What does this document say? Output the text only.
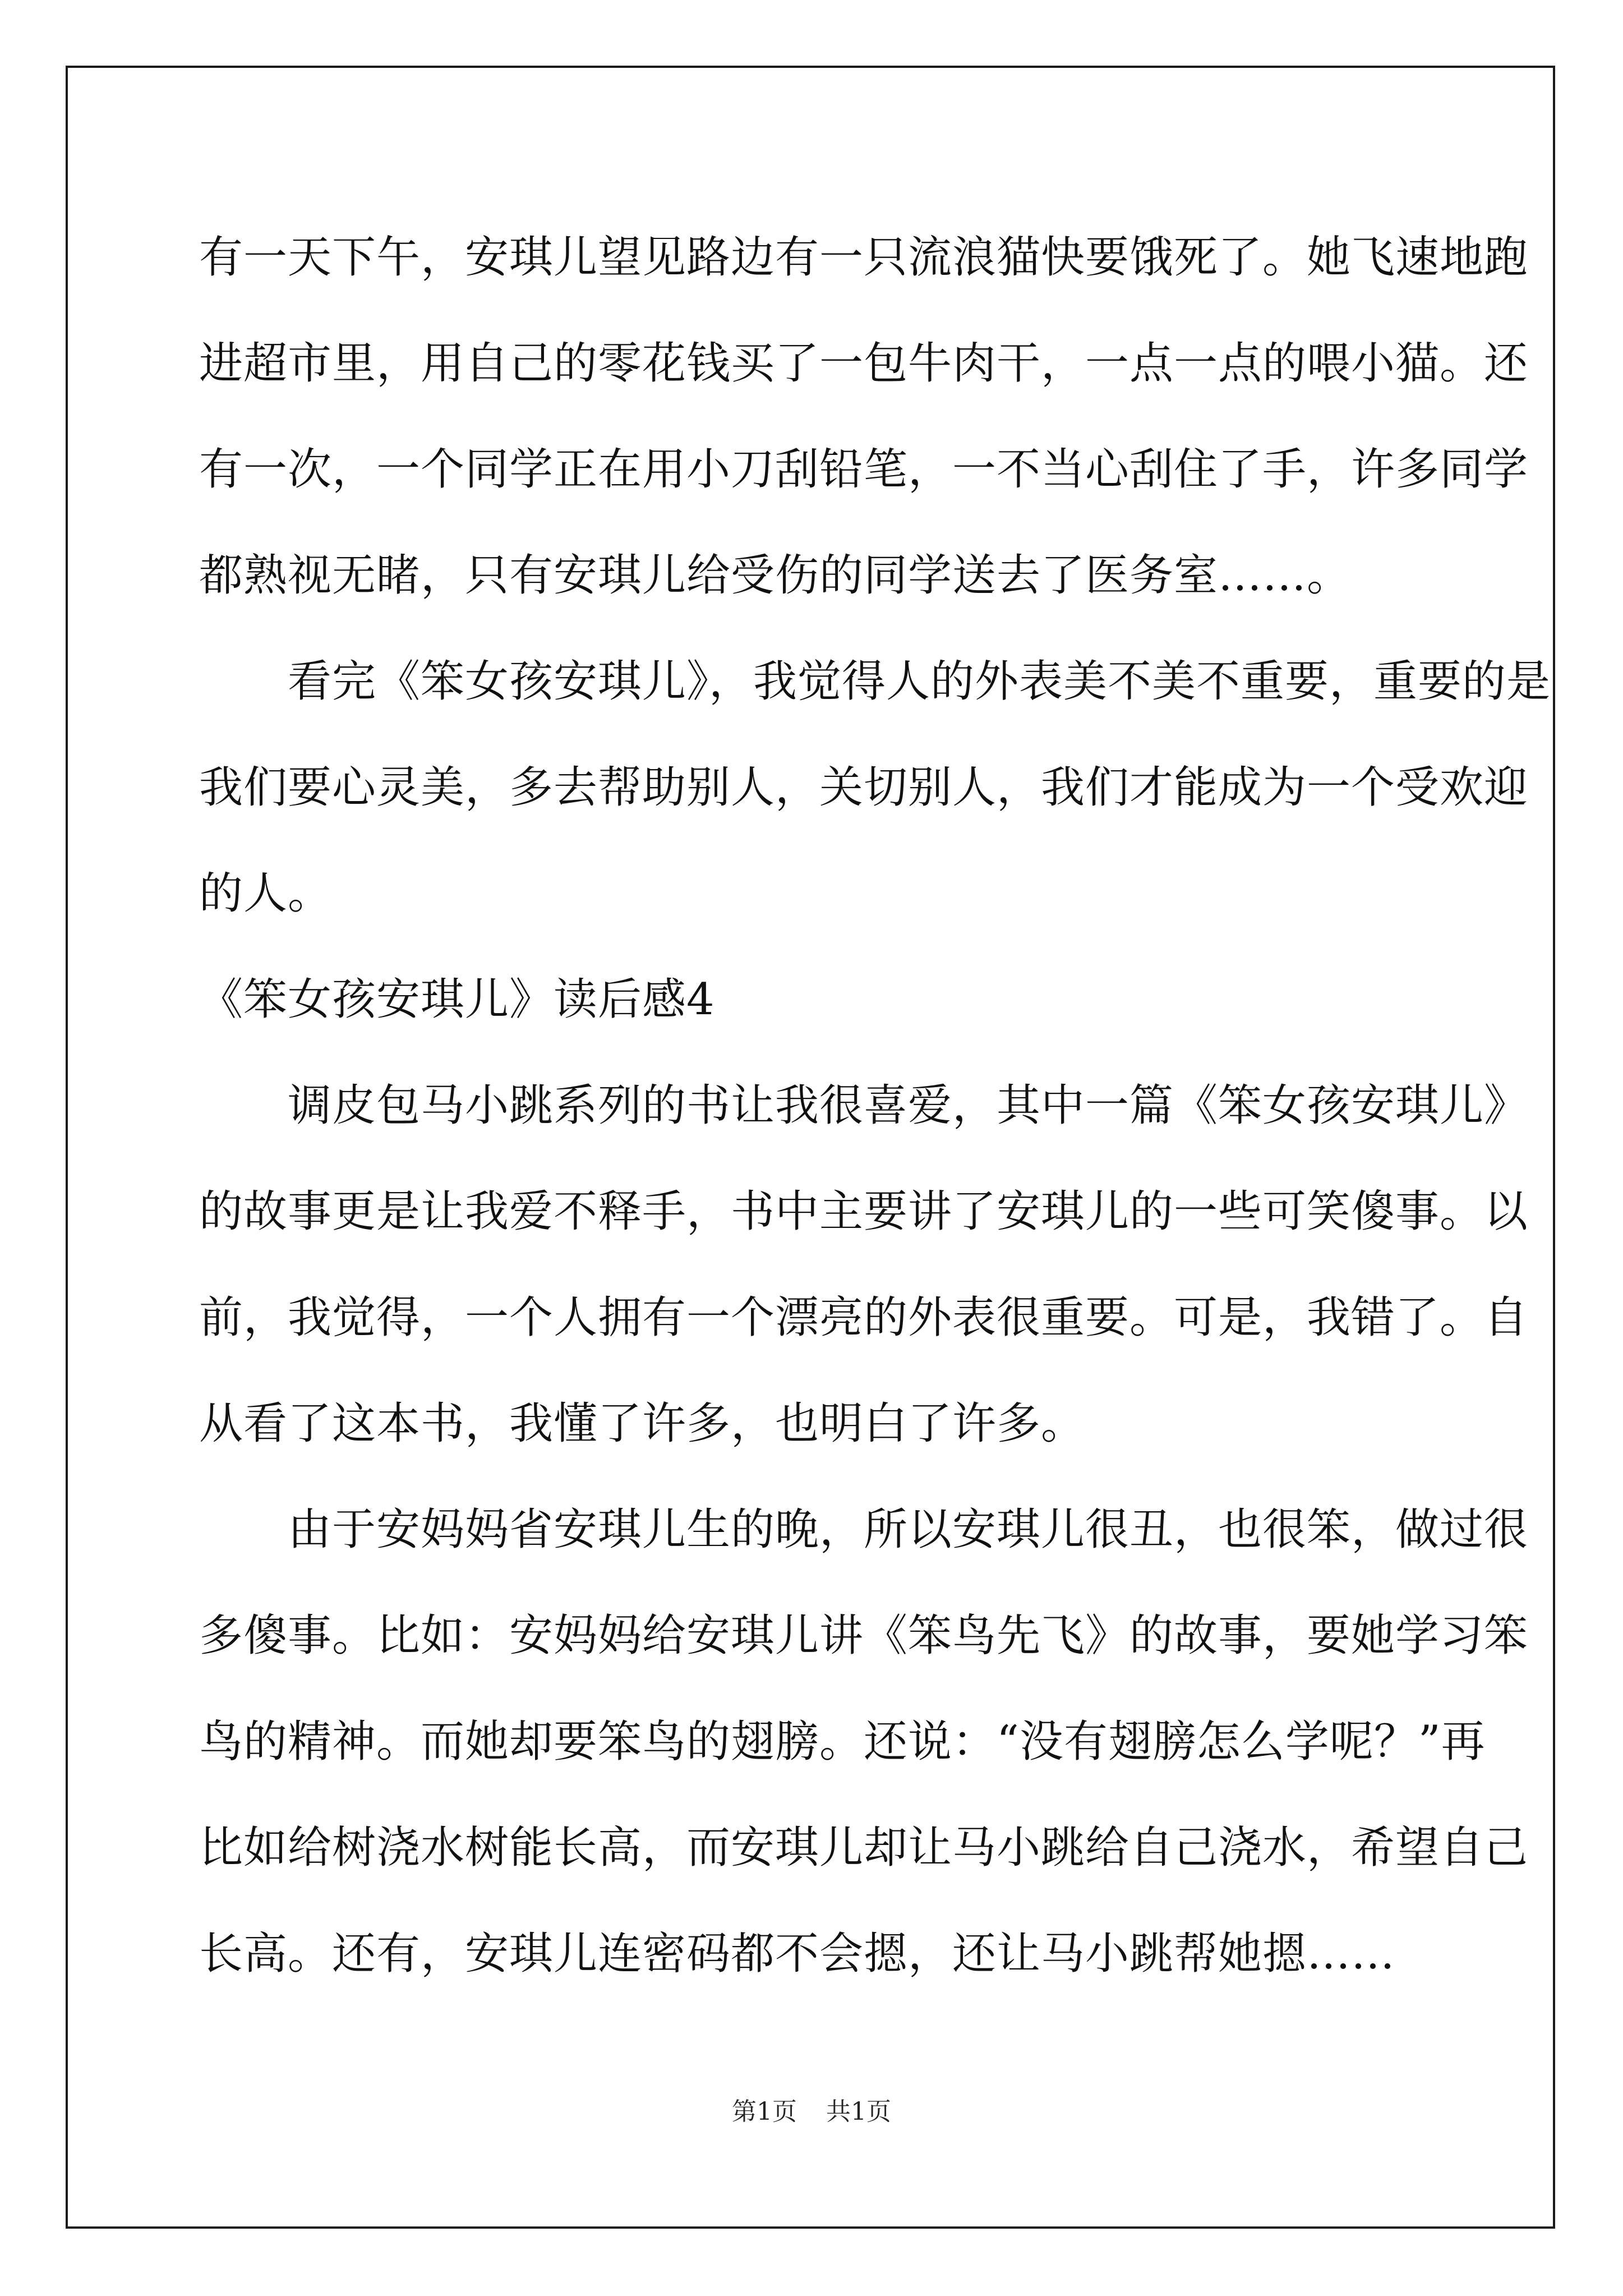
有一天下午，安琪儿望见路边有一只流浪猫快要饿死了。她飞速地跑
进超市里，用自己的零花钱买了一包牛肉干，一点一点的喂小猫。还
有一次，一个同学正在用小刀刮铅笔，一不当心刮住了手，许多同学
都熟视无睹，只有安琪儿给受伤的同学送去了医务室……。
　　看完《笨女孩安琪儿》，我觉得人的外表美不美不重要，重要的是
我们要心灵美，多去帮助别人，关切别人，我们才能成为一个受欢迎
的人。
《笨女孩安琪儿》读后感4
　　调皮包马小跳系列的书让我很喜爱，其中一篇《笨女孩安琪儿》
的故事更是让我爱不释手，书中主要讲了安琪儿的一些可笑傻事。以
前，我觉得，一个人拥有一个漂亮的外表很重要。可是，我错了。自
从看了这本书，我懂了许多，也明白了许多。
　　由于安妈妈省安琪儿生的晚，所以安琪儿很丑，也很笨，做过很
多傻事。比如：安妈妈给安琪儿讲《笨鸟先飞》的故事，要她学习笨
鸟的精神。而她却要笨鸟的翅膀。还说：“没有翅膀怎么学呢？”再
比如给树浇水树能长高，而安琪儿却让马小跳给自己浇水，希望自己
长高。还有，安琪儿连密码都不会摁，还让马小跳帮她摁……
第1页 共1页
